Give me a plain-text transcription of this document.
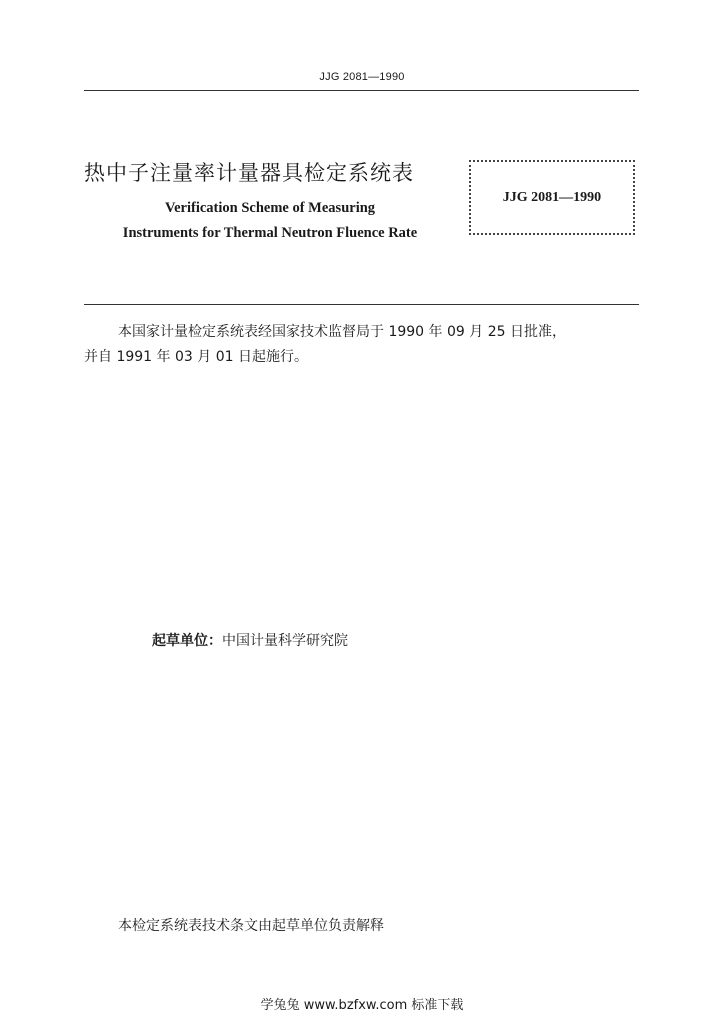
JJG 2081—1990
热中子注量率计量器具检定系统表
Verification Scheme of Measuring
Instruments for Thermal Neutron Fluence Rate
JJG 2081—1990
本国家计量检定系统表经国家技术监督局于 1990 年 09 月 25 日批准，
并自 1991 年 03 月 01 日起施行。
起草单位：中国计量科学研究院
本检定系统表技术条文由起草单位负责解释
学兔兔 www.bzfxw.com 标准下载
